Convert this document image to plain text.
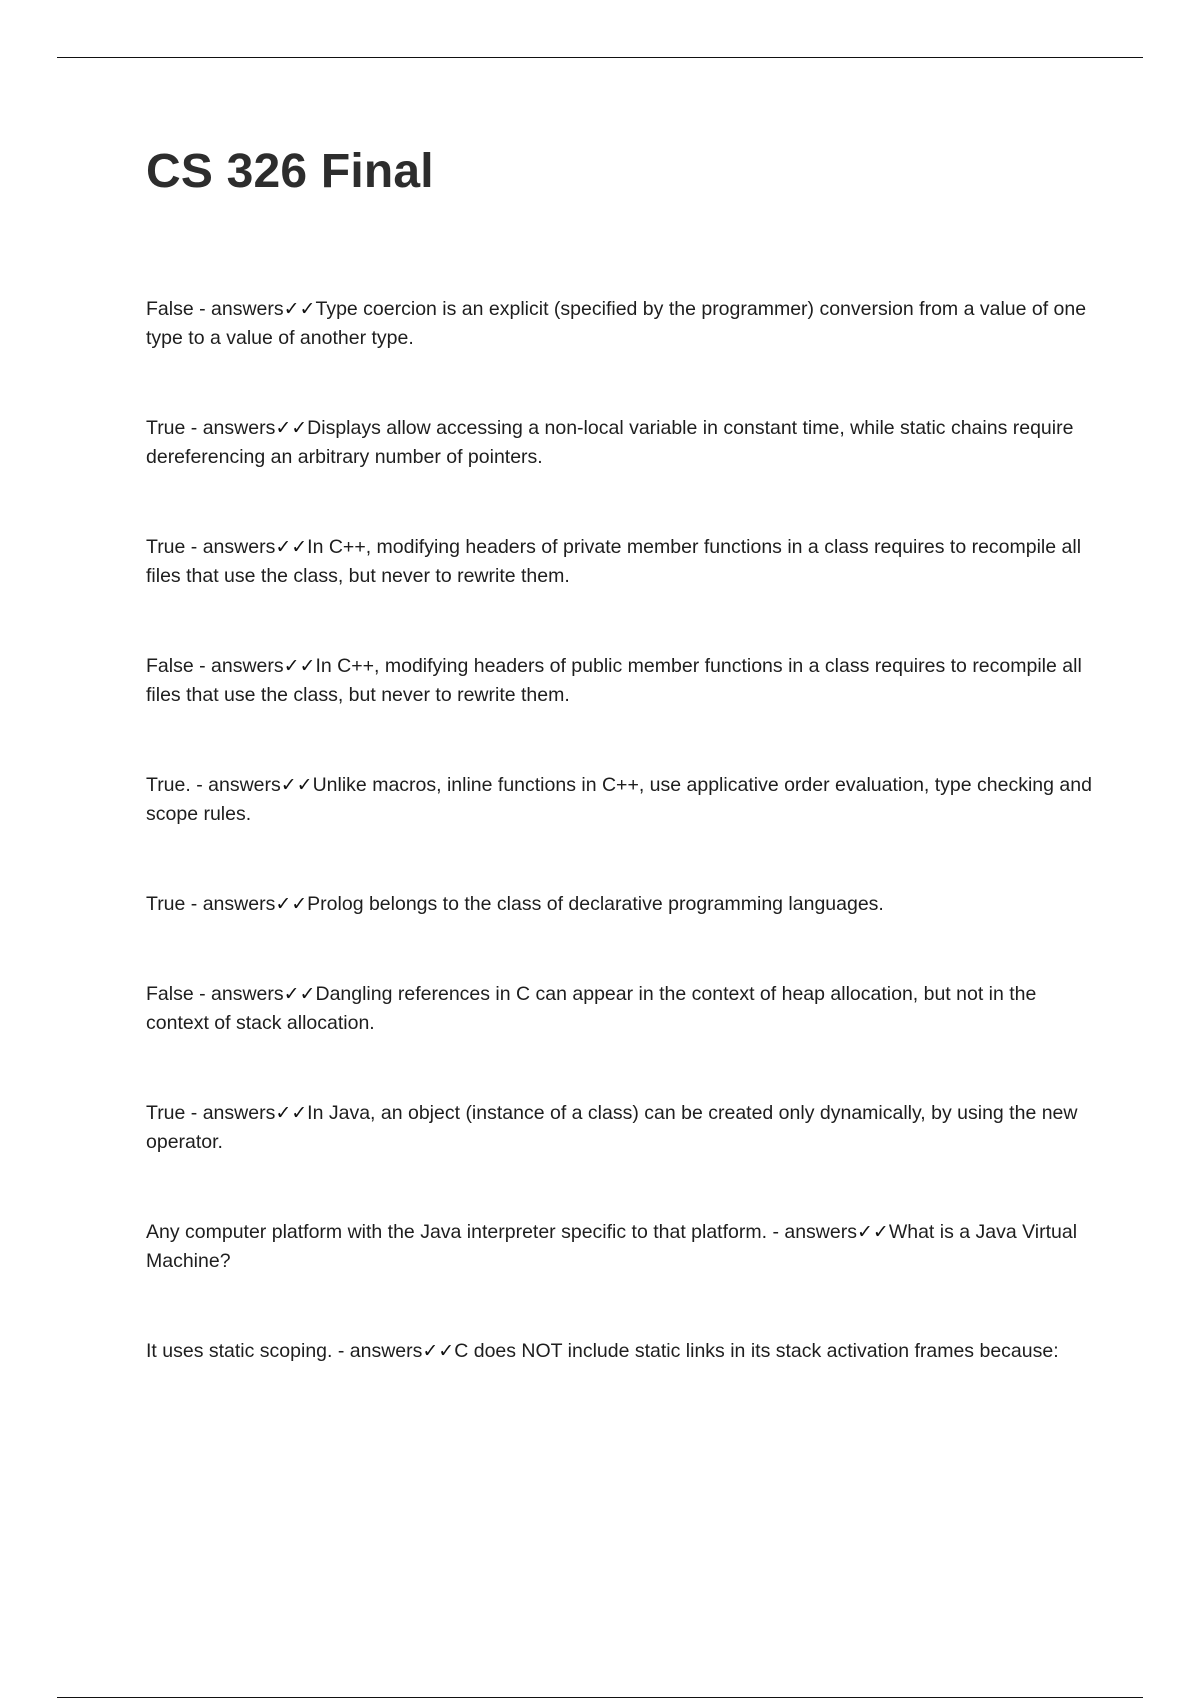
CS 326 Final

False - answers✓✓Type coercion is an explicit (specified by the programmer) conversion from a value of one type to a value of another type.

True - answers✓✓Displays allow accessing a non-local variable in constant time, while static chains require dereferencing an arbitrary number of pointers.

True - answers✓✓In C++, modifying headers of private member functions in a class requires to recompile all files that use the class, but never to rewrite them.

False - answers✓✓In C++, modifying headers of public member functions in a class requires to recompile all files that use the class, but never to rewrite them.

True. - answers✓✓Unlike macros, inline functions in C++, use applicative order evaluation, type checking and scope rules.

True - answers✓✓Prolog belongs to the class of declarative programming languages.

False - answers✓✓Dangling references in C can appear in the context of heap allocation, but not in the context of stack allocation.

True - answers✓✓In Java, an object (instance of a class) can be created only dynamically, by using the new operator.

Any computer platform with the Java interpreter specific to that platform. - answers✓✓What is a Java Virtual Machine?

It uses static scoping. - answers✓✓C does NOT include static links in its stack activation frames because:
